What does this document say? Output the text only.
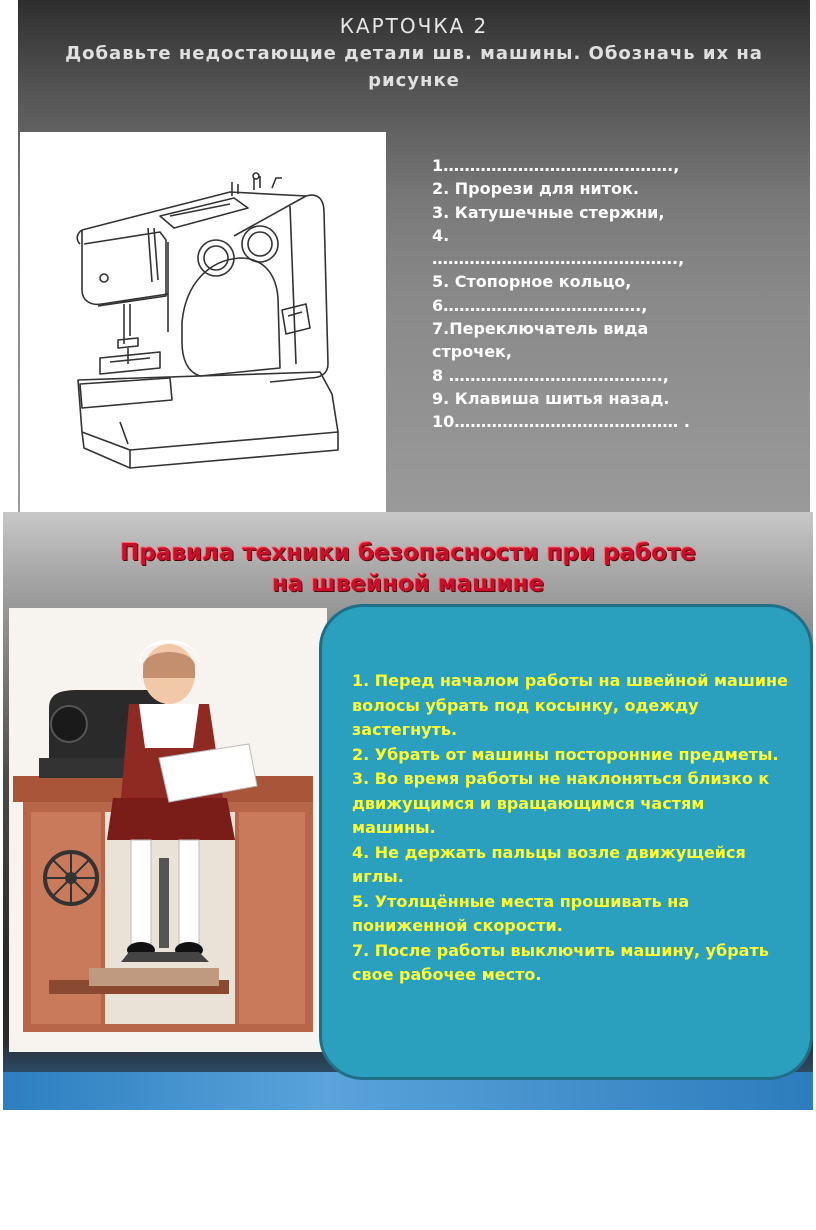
КАРТОЧКА 2
Добавьте недостающие детали шв. машины. Обозначь их на
рисунке
1…………………………………….,
2. Прорези для ниток.
3. Катушечные стержни,
4.
……………………………………….,
5. Стопорное кольцо,
6……………………………….,
7.Переключатель вида
строчек,
8 ………………………………….,
9. Клавиша шитья назад.
10…………………………………… .
Правила техники безопасности при работе
на швейной машине
1. Перед началом работы на швейной машине волосы убрать под косынку, одежду застегнуть.
2. Убрать от машины посторонние предметы.
3. Во время работы не наклоняться близко к движущимся и вращающимся частям машины.
4. Не держать пальцы возле движущейся иглы.
5. Утолщённые места прошивать на пониженной скорости.
7. После работы выключить машину, убрать свое рабочее место.
